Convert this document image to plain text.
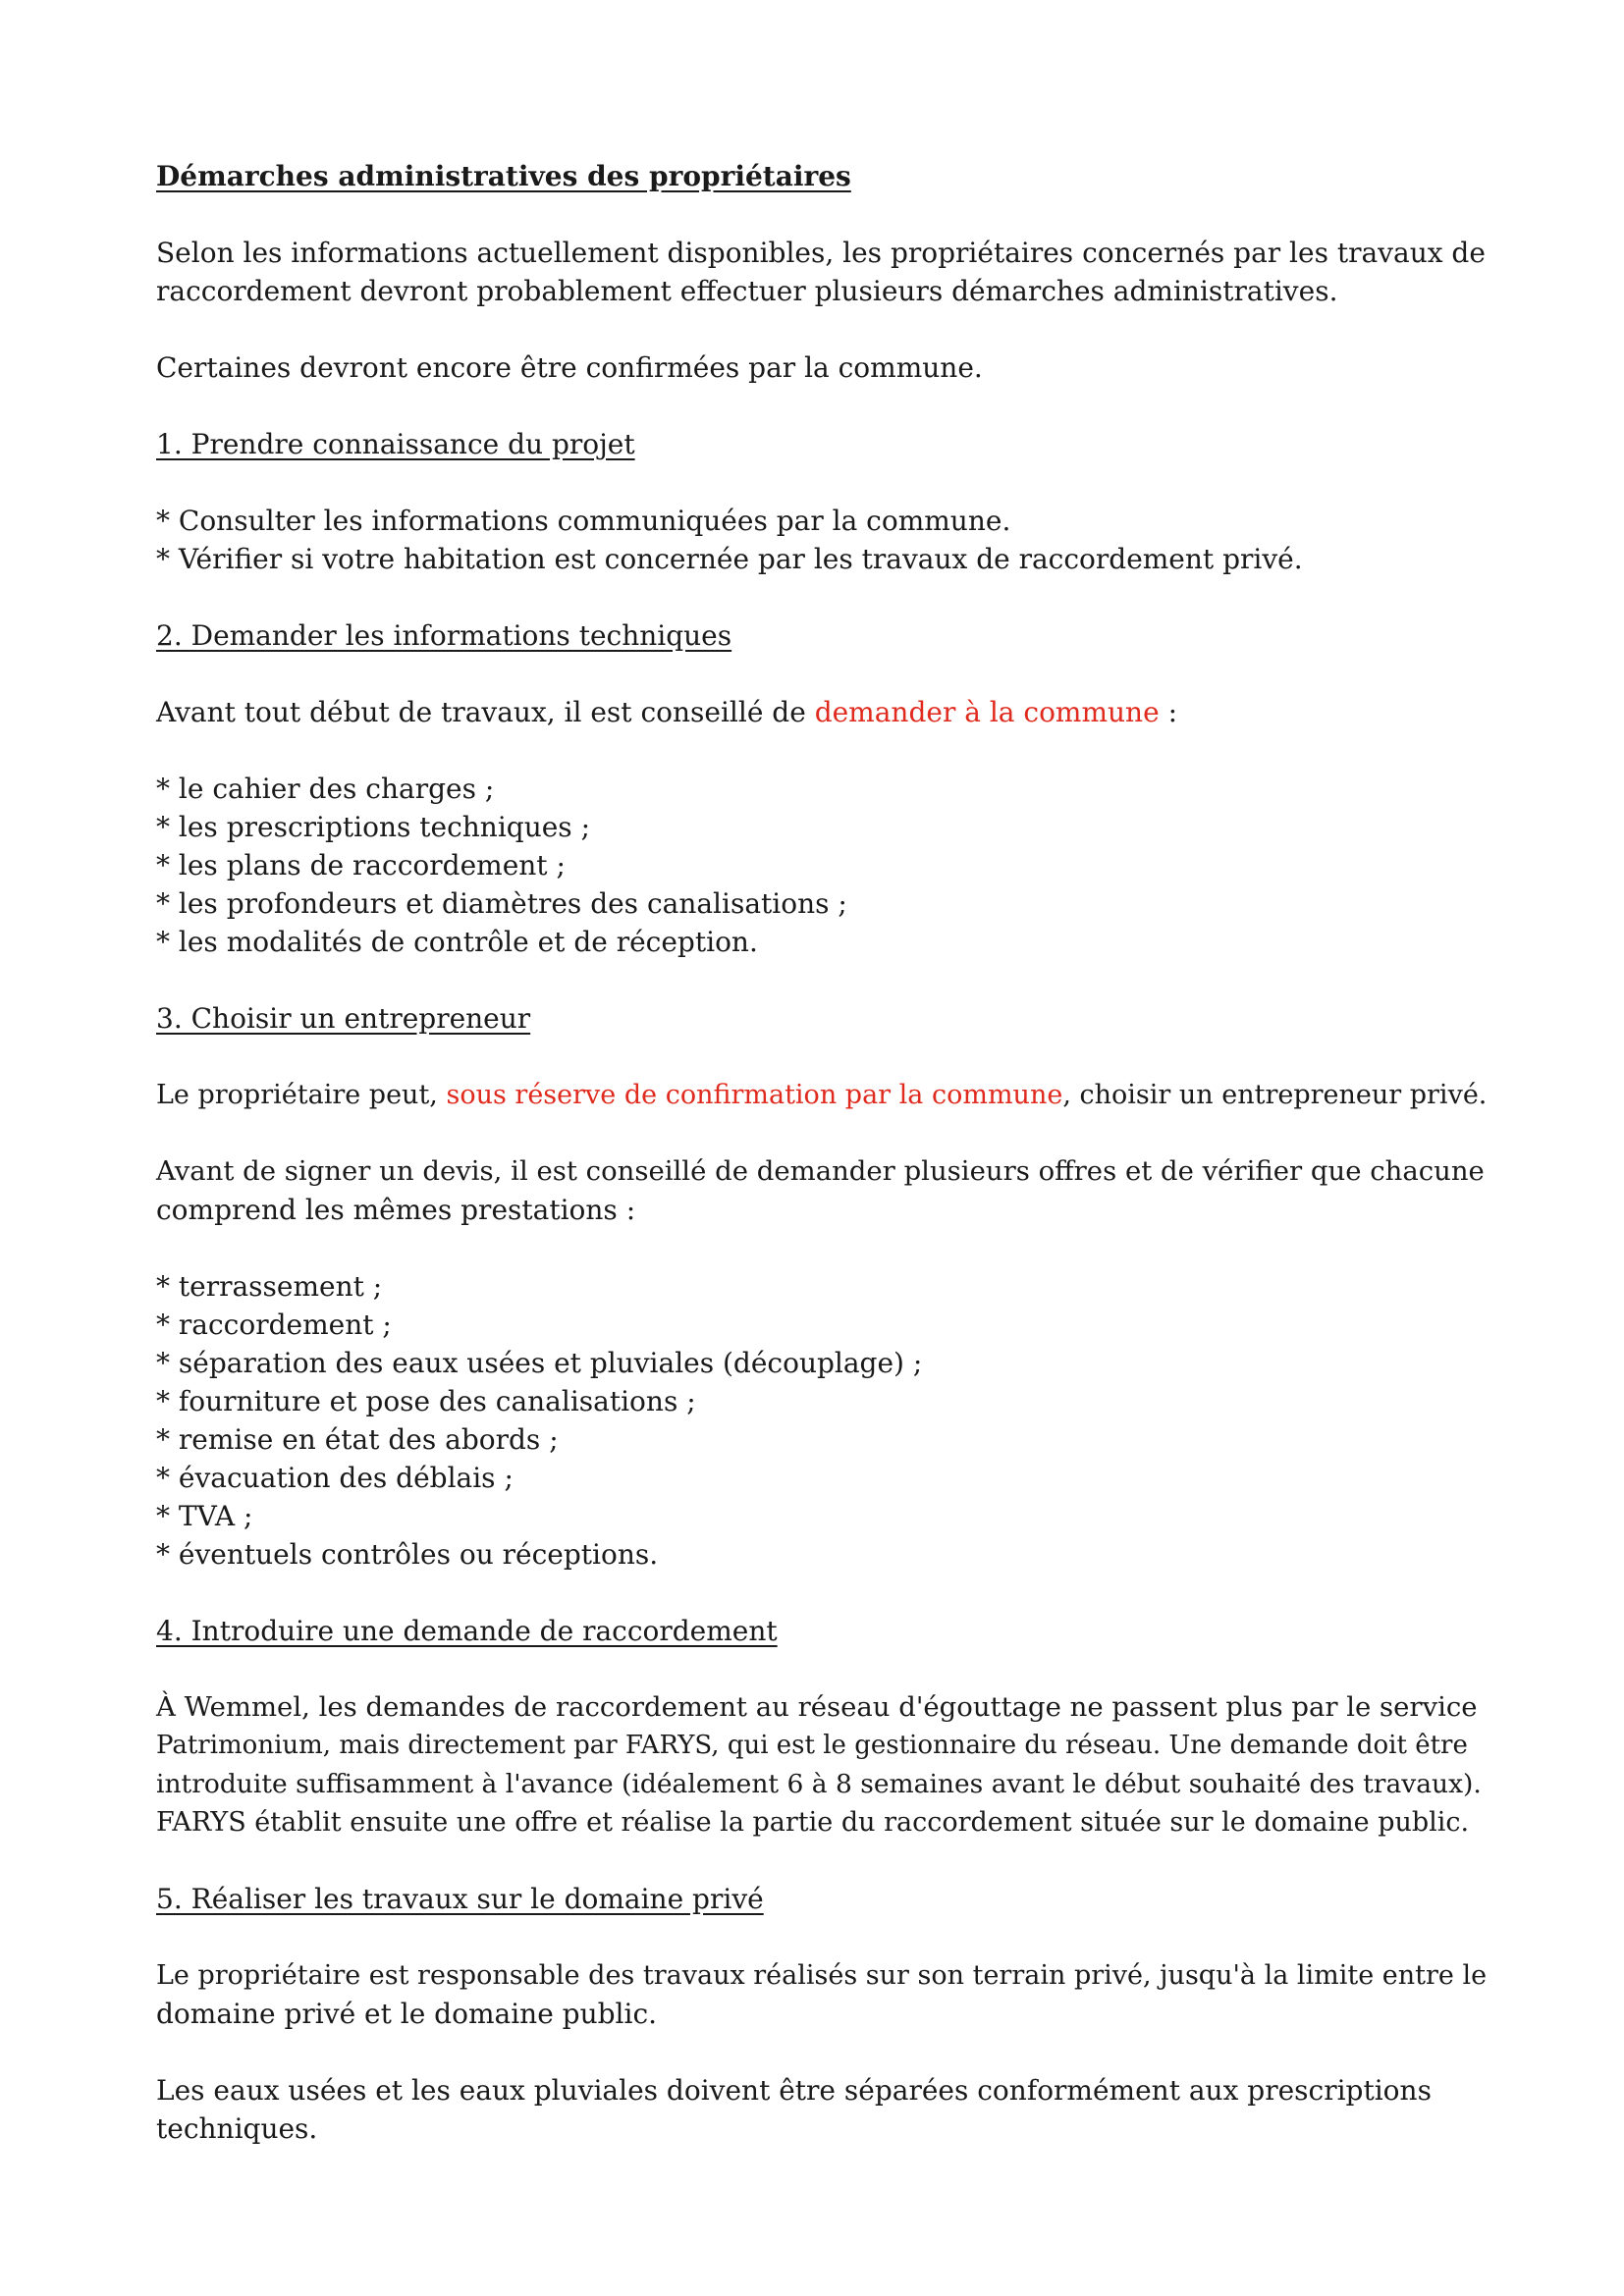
Démarches administratives des propriétaires

Selon les informations actuellement disponibles, les propriétaires concernés par les travaux de

raccordement devront probablement effectuer plusieurs démarches administratives.

Certaines devront encore être confirmées par la commune.

1. Prendre connaissance du projet

* Consulter les informations communiquées par la commune.

* Vérifier si votre habitation est concernée par les travaux de raccordement privé.

2. Demander les informations techniques

Avant tout début de travaux, il est conseillé de demander à la commune :

* le cahier des charges ;

* les prescriptions techniques ;

* les plans de raccordement ;

* les profondeurs et diamètres des canalisations ;

* les modalités de contrôle et de réception.

3. Choisir un entrepreneur

Le propriétaire peut, sous réserve de confirmation par la commune, choisir un entrepreneur privé.

Avant de signer un devis, il est conseillé de demander plusieurs offres et de vérifier que chacune

comprend les mêmes prestations :

* terrassement ;

* raccordement ;

* séparation des eaux usées et pluviales (découplage) ;

* fourniture et pose des canalisations ;

* remise en état des abords ;

* évacuation des déblais ;

* TVA ;

* éventuels contrôles ou réceptions.

4. Introduire une demande de raccordement

À Wemmel, les demandes de raccordement au réseau d'égouttage ne passent plus par le service

Patrimonium, mais directement par FARYS, qui est le gestionnaire du réseau. Une demande doit être

introduite suffisamment à l'avance (idéalement 6 à 8 semaines avant le début souhaité des travaux).

FARYS établit ensuite une offre et réalise la partie du raccordement située sur le domaine public.

5. Réaliser les travaux sur le domaine privé

Le propriétaire est responsable des travaux réalisés sur son terrain privé, jusqu'à la limite entre le

domaine privé et le domaine public.

Les eaux usées et les eaux pluviales doivent être séparées conformément aux prescriptions

techniques.
